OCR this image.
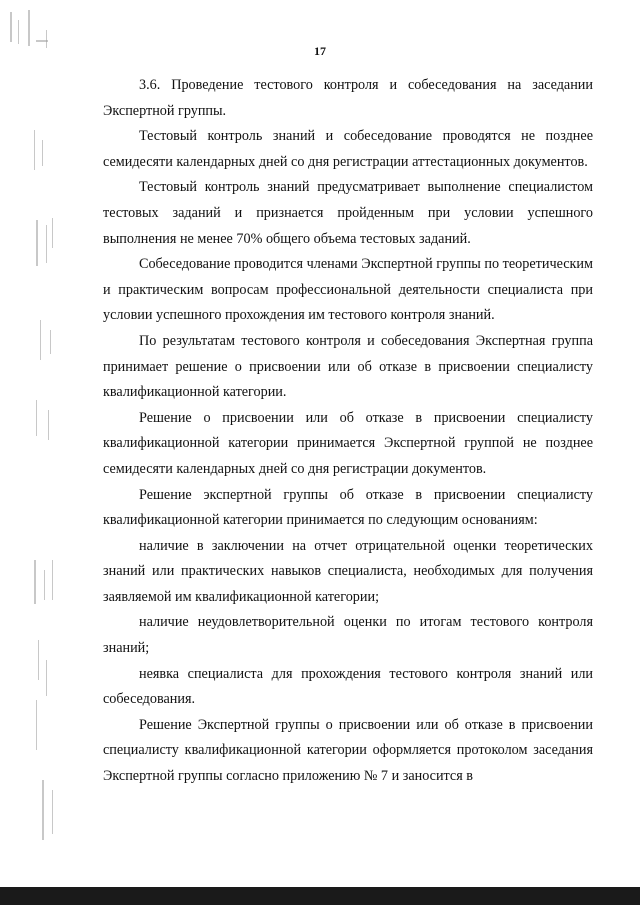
17

3.6. Проведение тестового контроля и собеседования на заседании Экспертной группы.

Тестовый контроль знаний и собеседование проводятся не позднее семидесяти календарных дней со дня регистрации аттестационных документов.

Тестовый контроль знаний предусматривает выполнение специалистом тестовых заданий и признается пройденным при условии успешного выполнения не менее 70% общего объема тестовых заданий.

Собеседование проводится членами Экспертной группы по теоретическим и практическим вопросам профессиональной деятельности специалиста при условии успешного прохождения им тестового контроля знаний.

По результатам тестового контроля и собеседования Экспертная группа принимает решение о присвоении или об отказе в присвоении специалисту квалификационной категории.

Решение о присвоении или об отказе в присвоении специалисту квалификационной категории принимается Экспертной группой не позднее семидесяти календарных дней со дня регистрации документов.

Решение экспертной группы об отказе в присвоении специалисту квалификационной категории принимается по следующим основаниям:

наличие в заключении на отчет отрицательной оценки теоретических знаний или практических навыков специалиста, необходимых для получения заявляемой им квалификационной категории;

наличие неудовлетворительной оценки по итогам тестового контроля знаний;

неявка специалиста для прохождения тестового контроля знаний или собеседования.

Решение Экспертной группы о присвоении или об отказе в присвоении специалисту квалификационной категории оформляется протоколом заседания Экспертной группы согласно приложению № 7 и заносится в
